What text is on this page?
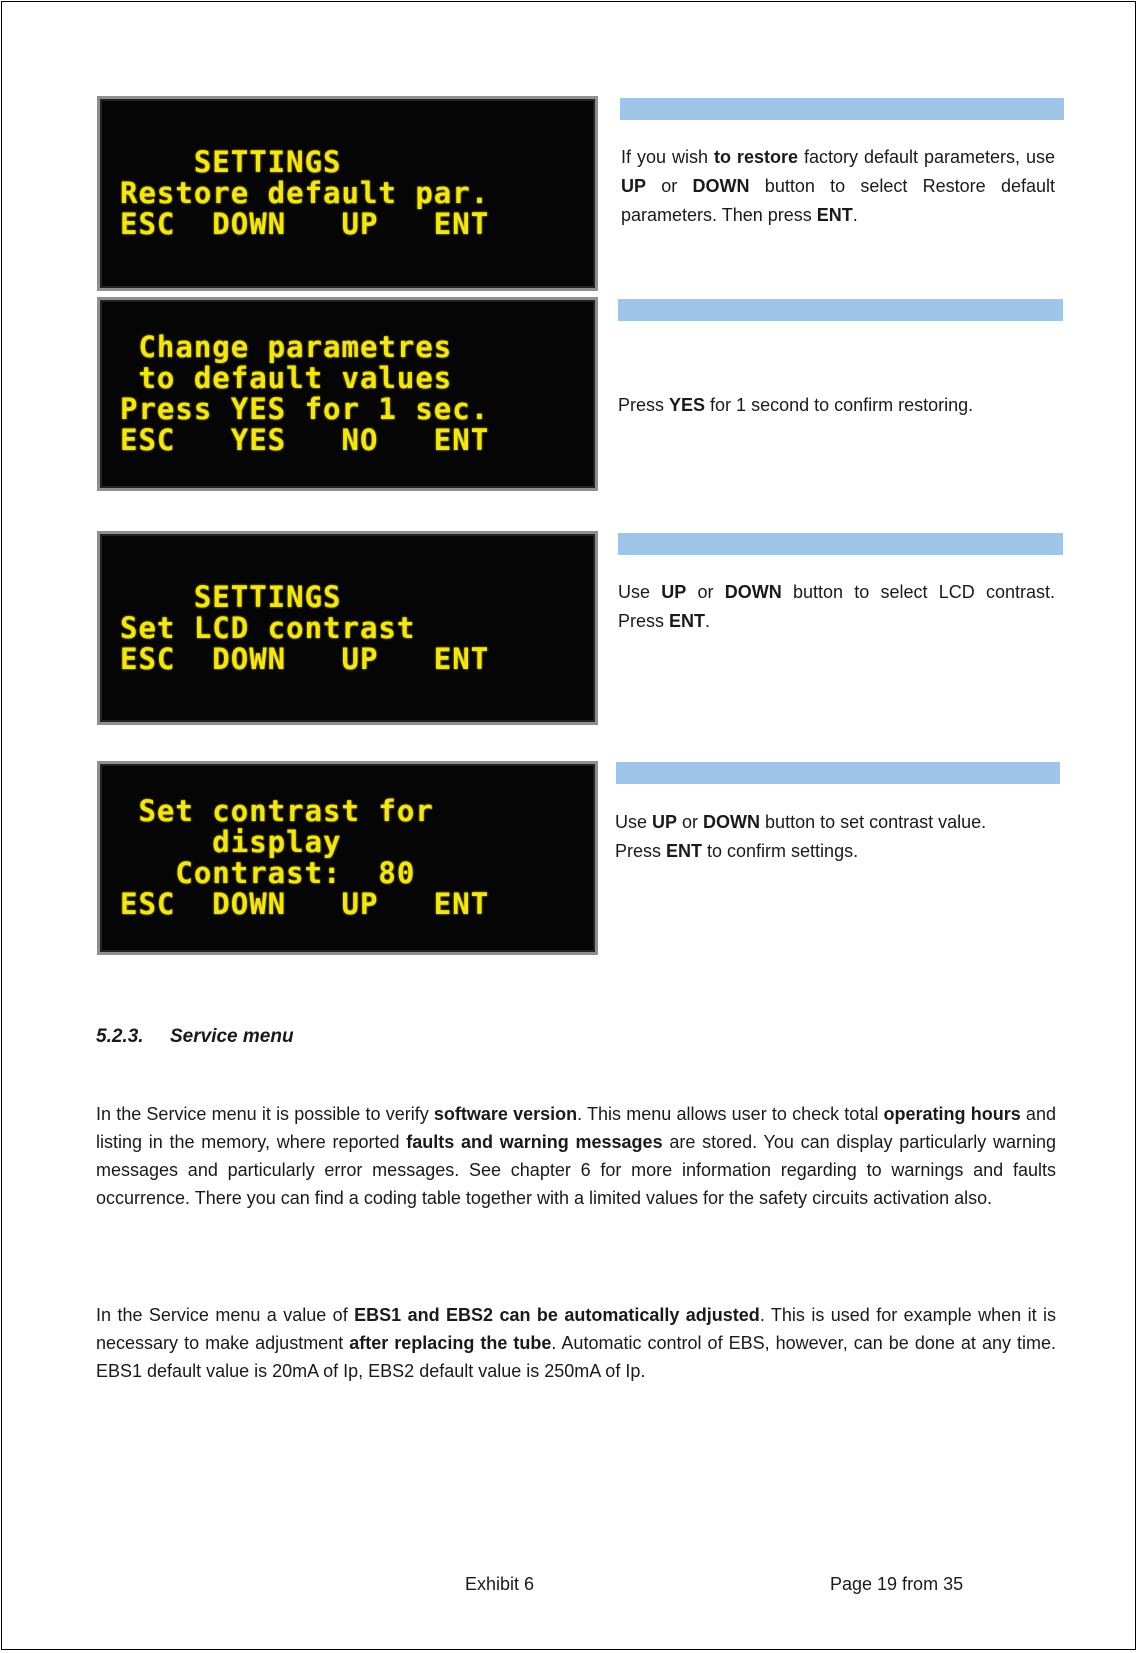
SETTINGS
Restore default par.
ESC  DOWN   UP   ENT
Change parametres
to default values
Press YES for 1 sec.
ESC   YES   NO   ENT
SETTINGS
Set LCD contrast
ESC  DOWN   UP   ENT
Set contrast for
display
Contrast:  80
ESC  DOWN   UP   ENT
If you wish to restore factory default parameters, use UP or DOWN button to select Restore default parameters. Then press ENT.
Press YES for 1 second to confirm restoring.
Use UP or DOWN button to select LCD contrast. Press ENT.
Use UP or DOWN button to set contrast value.
Press ENT to confirm settings.
5.2.3. Service menu
In the Service menu it is possible to verify software version. This menu allows user to check total operating hours and listing in the memory, where reported faults and warning messages are stored. You can display particularly warning messages and particularly error messages. See chapter 6 for more information regarding to warnings and faults occurrence. There you can find a coding table together with a limited values for the safety circuits activation also.
In the Service menu a value of EBS1 and EBS2 can be automatically adjusted. This is used for example when it is necessary to make adjustment after replacing the tube. Automatic control of EBS, however, can be done at any time. EBS1 default value is 20mA of Ip, EBS2 default value is 250mA of Ip.
Exhibit 6	Page 19 from 35
